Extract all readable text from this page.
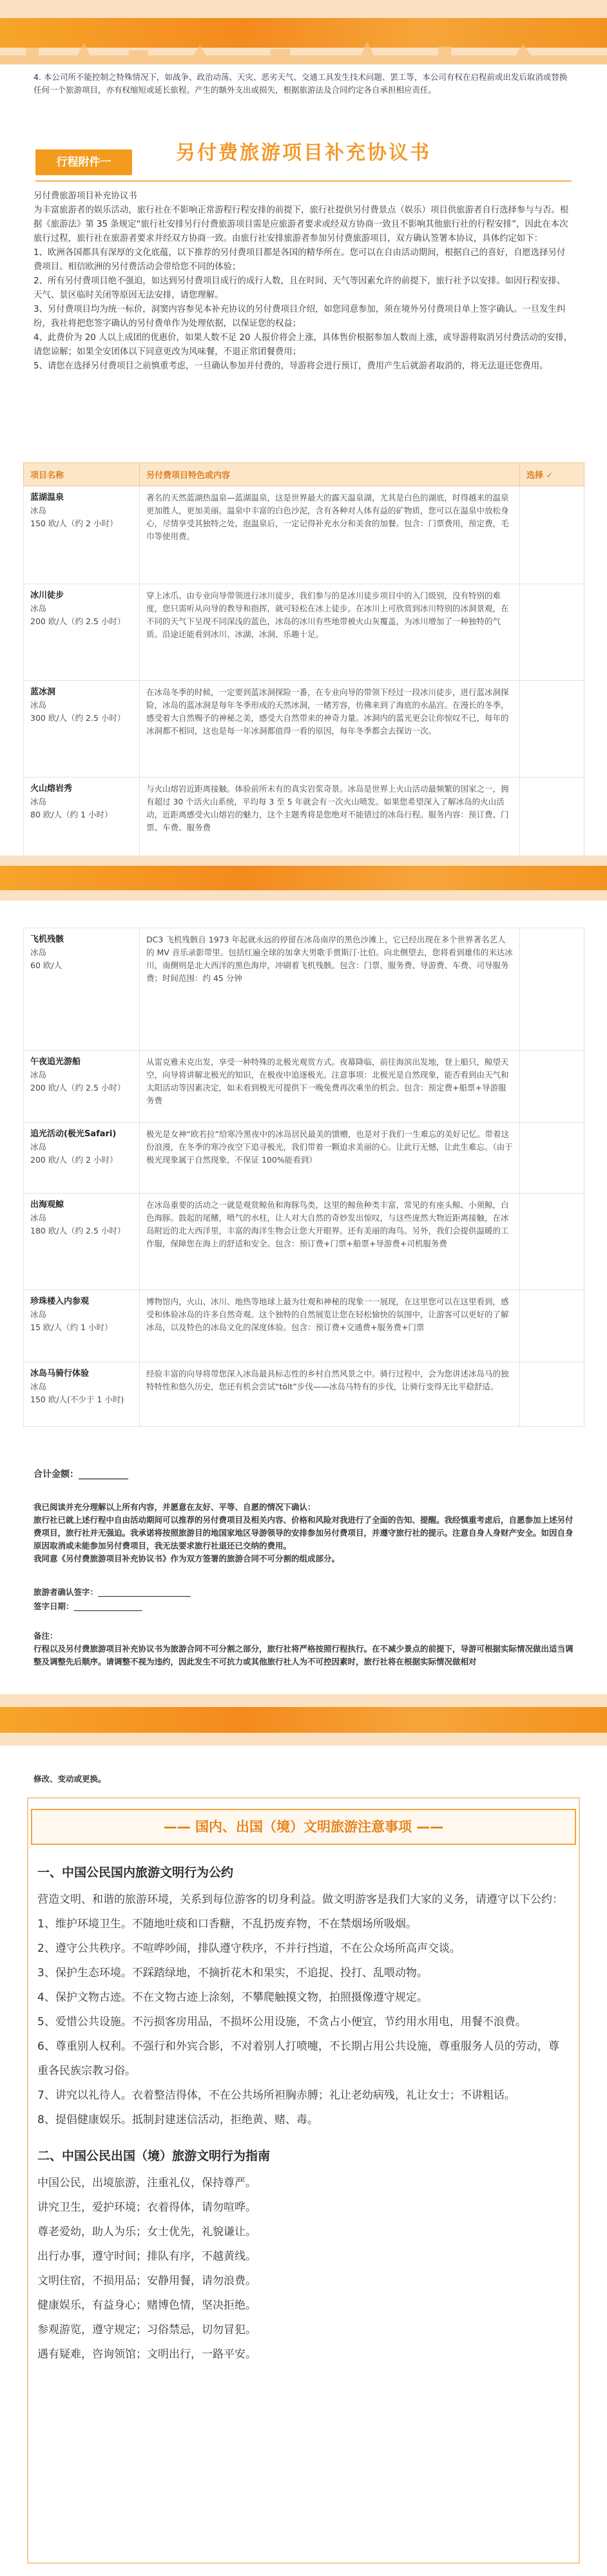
4. 本公司所不能控制之特殊情况下，如战争、政治动荡、天灾、恶劣天气、交通工具发生技术问题、罢工等，本公司有权在启程前或出发后取消或替换任何一个旅游项目，亦有权缩短或延长旅程。产生的额外支出或损失，根据旅游法及合同约定各自承担相应责任。
行程附件一	另付费旅游项目补充协议书

另付费旅游项目补充协议书

为丰富旅游者的娱乐活动，旅行社在不影响正常游程行程安排的前提下，旅行社提供另付费景点（娱乐）项目供旅游者自行选择参与与否。根据《旅游法》第 35 条规定“旅行社安排另行付费旅游项目需是应旅游者要求或经双方协商一致且不影响其他旅行社的行程安排”，因此在本次旅行过程，旅行社在旅游者要求并经双方协商一致。由旅行社安排旅游者参加另付费旅游项目，双方确认签署本协议，具体约定如下：

1、欧洲各国都具有深厚的文化底蕴，以下推荐的另付费项目都是各国的精华所在。您可以在自由活动期间，根据自己的喜好，自愿选择另付费项目。相信欧洲的另付费活动会带给您不同的体验；

2、所有另付费项目绝不强迫，如达到另付费项目成行的成行人数，且在时间、天气等因素允许的前提下，旅行社予以安排。如因行程安排、天气、景区临时关闭等原因无法安排，请您理解。

3、另付费项目均为统一标价，洞窦内容参见本补充协议的另付费项目介绍，如您同意参加，须在境外另付费项目单上签字确认。一旦发生纠纷，我社将把您签字确认的另付费单作为处理依据，以保证您的权益；

4、此费价为 20 人以上成团的优惠价，如果人数不足 20 人报价将会上涨，具体售价根据参加人数而上涨，或导游将取消另付费活动的安排，请您谅解；如果全安团体以下同意更改为风味餐，不退正常团餐费用；

5、请您在选择另付费项目之前慎重考虑，一旦确认参加并付费的，导游将会进行预订，费用产生后就游者取消的，将无法退还您费用。

项目名称	另付费项目特色或内容	选择 ✓

蓝湖温泉
冰岛
150 欧/人（约 2 小时）	著名的天然蓝湖热温泉—蓝湖温泉，这是世界最大的露天温泉湖，尤其是白色的湖底，时得越来的温泉更加胜人，更加美丽。温泉中丰富的白色沙泥，含有各种对人体有益的矿物质，您可以在温泉中放松身心，尽情享受其独特之处，泡温泉后，一定记得补充水分和美食的加餐。包含：门票费用，预定费，毛巾等使用费。	

冰川徒步
冰岛
200 欧/人（约 2.5 小时）	穿上冰爪、由专业向导带领进行冰川徒步，我们参与的是冰川徒步项目中的入门级别，没有特别的难度，您只需听从向导的教导和指挥，就可轻松在冰上徒步。在冰川上可欣赏到冰川特别的冰洞景观，在不同的天气下呈现不同深浅的蓝色，冰岛的冰川有些地带被火山灰覆盖，为冰川增加了一种独特的气质。沿途还能看到冰川、冰湖、冰洞、乐趣十足。	

蓝冰洞
冰岛
300 欧/人（约 2.5 小时）	在冰岛冬季的时候，一定要到蓝冰洞探险一番，在专业向导的带领下经过一段冰川徒步，进行蓝冰洞探险，冰岛的蓝冰洞是每年冬季形成的天然冰洞，一睹芳容，仿佛来到了海底的水晶宫。在漫长的冬季，感受着大自然赐予的神秘之美，感受大自然带来的神奇力量。冰洞内的蓝光更会让你惊叹不已，每年的冰洞都不相同，这也是每一年冰洞都值得一看的原因，每年冬季都会去探访一次。	

火山熔岩秀
冰岛
80 欧/人（约 1 小时）	与火山熔岩近距离接触。体验前所未有的真实岩浆奇景。冰岛是世界上火山活动最频繁的国家之一，拥有超过 30 个活火山系统，平均每 3 至 5 年就会有一次火山喷发。如果您希望深入了解冰岛的火山活动，近距离感受火山熔岩的魅力，这个主题秀将是您绝对不能错过的冰岛行程。服务内容：预订费、门票、车费、服务费	
飞机残骸
冰岛
60 欧/人	DC3 飞机残骸自 1973 年起就永远的停留在冰岛南岸的黑色沙滩上，它已经出现在多个世界著名艺人的 MV 音乐录影带里。包括红遍全球的加拿大男歌手贾斯汀·比伯。向北侧望去，您将看到雄伟的米达冰川，南侧则是北大西洋的黑色海岸，冲刷着飞机残骸。包含：门票、服务费、导游费、车费、司导服务费；时间范围：约 45 分钟	

午夜追光游船
冰岛
200 欧/人（约 2.5 小时）	从雷克雅未克出发，享受一种特殊的北极光观赏方式。夜幕降临，前往海滨出发地，登上船只，鲸望天空，向导将讲解北极光的知识，在极夜中追逐极光。注意事项：北极光是自然现象，能否看到由天气和太阳活动等因素决定，如未看到极光可提供下一晚免费再次乘坐的机会。包含：预定费+船票+导游服务费	

追光活动(极光Safari)
冰岛
200 欧/人（约 2 小时）	极光是女神“欧若拉”给寒冷黑夜中的冰岛居民最美的馈赠，也是对于我们一生难忘的美好记忆。带着这份浪漫，在冬季的寒冷夜空下追寻极光，我们带着一颗追求美丽的心。让此行无憾，让此生难忘。（由于极光现象属于自然现象，不保证 100%能看到）	

出海观鲸
冰岛
180 欧/人（约 2.5 小时）	在冰岛重要的活动之一就是观赏鲸鱼和海豚鸟类，这里的鲸鱼种类丰富，常见的有座头鲸、小须鲸，白色海豚。鼓起的尾鳍，喷气的水柱，让人对大自然的奇妙发出惊叹，与这些庞然大物近距离接触，在冰岛附近的北大西洋里，丰富的海洋生物会让您大开眼界。还有美丽的海鸟。另外，我们会提供温暖的工作服，保障您在海上的舒适和安全。包含：预订费+门票+船票+导游费+司机服务费	

珍珠楼入内参观
冰岛
15 欧/人（约 1 小时）	博物馆内，火山、冰川、地热等地球上最为壮观和神秘的现象一一展现，在这里您可以在这里看到，感受和体验冰岛的许多自然奇观。这个独特的自然展览让您在轻松愉快的氛围中，让游客可以更好的了解冰岛，以及特色的冰岛文化的深度体验。包含：预订费+交通费+服务费+门票	

冰岛马骑行体验
冰岛
150 欧/人(不少于 1 小时)	经验丰富的向导将带您深入冰岛最具标志性的乡村自然风景之中。骑行过程中，会为您讲述冰岛马的独特特性和悠久历史，您还有机会尝试“tölt”步伐——冰岛马特有的步伐，让骑行变得无比平稳舒适。	
合计金额：___________

我已阅读并充分理解以上所有内容，并愿意在友好、平等、自愿的情况下确认：

旅行社已就上述行程中自由活动期间可以推荐的另付费项目及相关内容、价格和风险对我进行了全面的告知、提醒。我经慎重考虑后，自愿参加上述另付费项目，旅行社并无强迫。我承诺将按照旅游目的地国家地区导游领导的安排参加另付费项目，并遵守旅行社的提示。注意自身人身财产安全。如因自身原因取消或未能参加另付费项目，我无法要求旅行社退还已交纳的费用。

我同意《另付费旅游项目补充协议书》作为双方签署的旅游合同不可分割的组成部分。

旅游者确认签字：_______________________
签字日期：_________________
备注：
行程以及另付费旅游项目补充协议书为旅游合同不可分割之部分，旅行社将严格按照行程执行。在不减少景点的前提下，导游可根据实际情况做出适当调整及调整先后顺序。请调整不视为违约，因此发生不可抗力或其他旅行社人为不可控因素时，旅行社将在根据实际情况做相对
修改、变动或更换。
—— 国内、出国（境）文明旅游注意事项 ——
一、中国公民国内旅游文明行为公约

营造文明、和谐的旅游环境，关系到每位游客的切身利益。做文明游客是我们大家的义务，请遵守以下公约：

1、维护环境卫生。不随地吐痰和口香糖，不乱扔废弃物，不在禁烟场所吸烟。

2、遵守公共秩序。不喧哗吵闹，排队遵守秩序，不并行挡道，不在公众场所高声交谈。

3、保护生态环境。不踩踏绿地，不摘折花木和果实，不追捉、投打、乱喂动物。

4、保护文物古迹。不在文物古迹上涂刻，不攀爬触摸文物，拍照摄像遵守规定。

5、爱惜公共设施。不污损客房用品，不损坏公用设施，不贪占小便宜，节约用水用电，用餐不浪费。

6、尊重别人权利。不强行和外宾合影，不对着别人打喷嚏，不长期占用公共设施，尊重服务人员的劳动，尊重各民族宗教习俗。

7、讲究以礼待人。衣着整洁得体，不在公共场所袒胸赤膊；礼让老幼病残，礼让女士；不讲粗话。

8、提倡健康娱乐。抵制封建迷信活动，拒绝黄、赌、毒。

二、中国公民出国（境）旅游文明行为指南

中国公民，出境旅游，注重礼仪，保持尊严。

讲究卫生，爱护环境；衣着得体，请勿喧哗。

尊老爱幼，助人为乐；女士优先，礼貌谦让。

出行办事，遵守时间；排队有序，不越黄线。

文明住宿，不损用品；安静用餐，请勿浪费。

健康娱乐，有益身心；赌博色情，坚决拒绝。

参观游览，遵守规定；习俗禁忌，切勿冒犯。

遇有疑难，咨询领馆；文明出行，一路平安。
